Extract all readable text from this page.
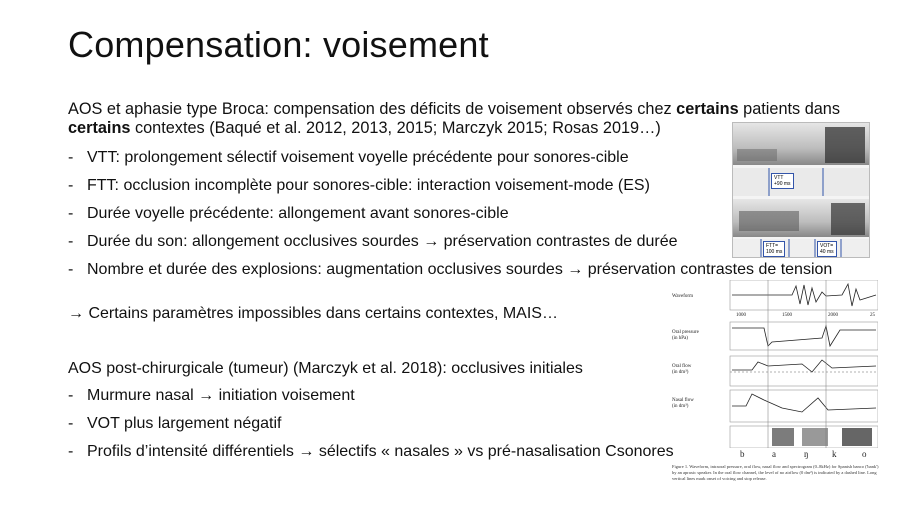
Compensation: voisement
AOS et aphasie type Broca: compensation des déficits de voisement observés chez certains patients dans certains contextes (Baqué et al. 2012, 2013, 2015; Marczyk 2015; Rosas 2019…)
- VTT: prolongement sélectif voisement voyelle précédente pour sonores-cible
- FTT: occlusion incomplète pour sonores-cible: interaction voisement-mode (ES)
- Durée voyelle précédente: allongement avant sonores-cible
- Durée du son: allongement occlusives sourdes → préservation contrastes de durée
- Nombre et durée des explosions: augmentation occlusives sourdes → préservation contrastes de tension
→ Certains paramètres impossibles dans certains contextes, MAIS…
AOS post-chirurgicale (tumeur) (Marczyk et al. 2018): occlusives initiales
- Murmure nasal → initiation voisement
- VOT plus largement négatif
- Profils d’intensité différentiels → sélectifs « nasales » vs pré-nasalisation Csonores
VTT
+90 ms
FTT=
100 ms
VOT=
40 ms
Waveform
Oral pressure
(in hPa)
Oral flow
(in dm³)
Nasal flow
(in dm³)
1000	1500	2000	25
b	a	ŋ	k	o
Figure 1. Waveform, intraoral pressure, oral flow, nasal flow and spectrogram (0–8kHz) for Spanish banco ('bank') by an apraxic speaker. In the oral flow channel, the level of no airflow (0 dm³) is indicated by a dashed line. Long vertical lines mark onset of voicing and stop release.
